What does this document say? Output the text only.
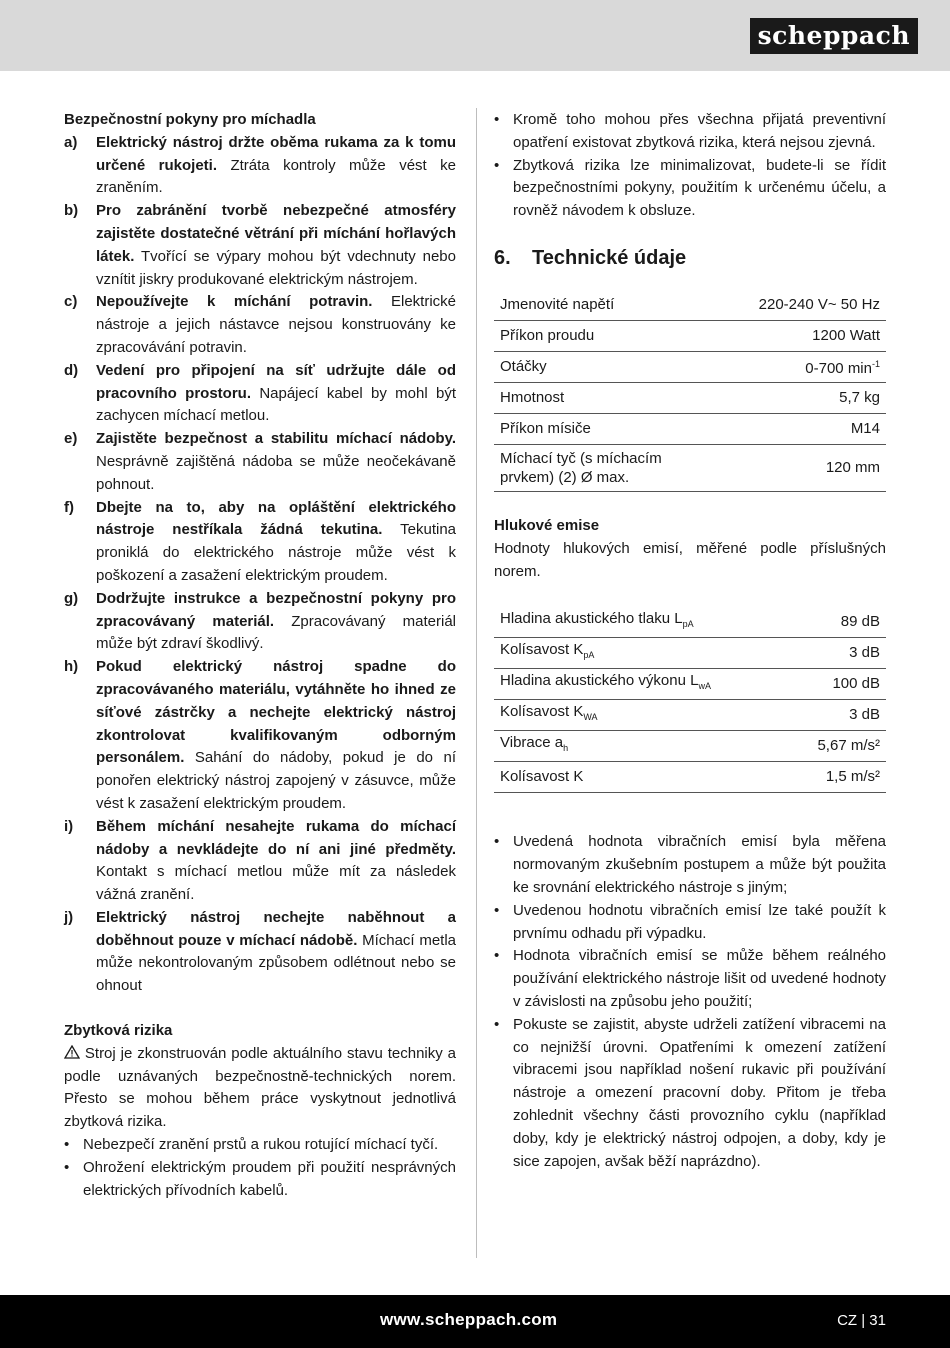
scheppach
Bezpečnostní pokyny pro míchadla
a)	Elektrický nástroj držte oběma rukama za k tomu určené rukojeti. Ztráta kontroly může vést ke zraněním.
b)	Pro zabránění tvorbě nebezpečné atmosféry zajistěte dostatečné větrání při míchání hořlavých látek. Tvořící se výpary mohou být vdechnuty nebo vznítit jiskry produkované elektrickým nástrojem.
c)	Nepoužívejte k míchání potravin. Elektrické nástroje a jejich nástavce nejsou konstruovány ke zpracovávání potravin.
d)	Vedení pro připojení na síť udržujte dále od pracovního prostoru. Napájecí kabel by mohl být zachycen míchací metlou.
e)	Zajistěte bezpečnost a stabilitu míchací nádoby. Nesprávně zajištěná nádoba se může neočekávaně pohnout.
f)	Dbejte na to, aby na opláštění elektrického nástroje nestříkala žádná tekutina. Tekutina proniklá do elektrického nástroje může vést k poškození a zasažení elektrickým proudem.
g)	Dodržujte instrukce a bezpečnostní pokyny pro zpracovávaný materiál. Zpracovávaný materiál může být zdraví škodlivý.
h)	Pokud elektrický nástroj spadne do zpracovávaného materiálu, vytáhněte ho ihned ze síťové zástrčky a nechejte elektrický nástroj zkontrolovat kvalifikovaným odborným personálem. Sahání do nádoby, pokud je do ní ponořen elektrický nástroj zapojený v zásuvce, může vést k zasažení elektrickým proudem.
i)	Během míchání nesahejte rukama do míchací nádoby a nevkládejte do ní ani jiné předměty. Kontakt s míchací metlou může mít za následek vážná zranění.
j)	Elektrický nástroj nechejte naběhnout a doběhnout pouze v míchací nádobě. Míchací metla může nekontrolovaným způsobem odlétnout nebo se ohnout
Zbytková rizika
Stroj je zkonstruován podle aktuálního stavu techniky a podle uznávaných bezpečnostně-technických norem. Přesto se mohou během práce vyskytnout jednotlivá zbytková rizika.
• Nebezpečí zranění prstů a rukou rotující míchací tyčí.
• Ohrožení elektrickým proudem při použití nesprávných elektrických přívodních kabelů.
• Kromě toho mohou přes všechna přijatá preventivní opatření existovat zbytková rizika, která nejsou zjevná.
• Zbytková rizika lze minimalizovat, budete-li se řídit bezpečnostními pokyny, použitím k určenému účelu, a rovněž návodem k obsluze.
6. Technické údaje
Jmenovité napětí	220-240 V~ 50 Hz
Příkon proudu	1200 Watt
Otáčky	0-700 $\min^{-1}$
Hmotnost	5,7 kg
Příkon mísiče	M14
Míchací tyč (s míchacím prvkem) (2) Ø max.	120 mm
Hlukové emise
Hodnoty hlukových emisí, měřené podle příslušných norem.
Hladina akustického tlaku $L_{pA}$	89 dB
Kolísavost $K_{pA}$	3 dB
Hladina akustického výkonu $L_{wA}$	100 dB
Kolísavost $K_{WA}$	3 dB
Vibrace $a_h$	5,67 m/s²
Kolísavost K	1,5 m/s²
• Uvedená hodnota vibračních emisí byla měřena normovaným zkušebním postupem a může být použita ke srovnání elektrického nástroje s jiným;
• Uvedenou hodnotu vibračních emisí lze také použít k prvnímu odhadu při výpadku.
• Hodnota vibračních emisí se může během reálného používání elektrického nástroje lišit od uvedené hodnoty v závislosti na způsobu jeho použití;
• Pokuste se zajistit, abyste udrželi zatížení vibracemi na co nejnižší úrovni. Opatřeními k omezení zatížení vibracemi jsou například nošení rukavic při používání nástroje a omezení pracovní doby. Přitom je třeba zohlednit všechny části provozního cyklu (například doby, kdy je elektrický nástroj odpojen, a doby, kdy je sice zapojen, avšak běží naprázdno).
www.scheppach.com	CZ | 31
